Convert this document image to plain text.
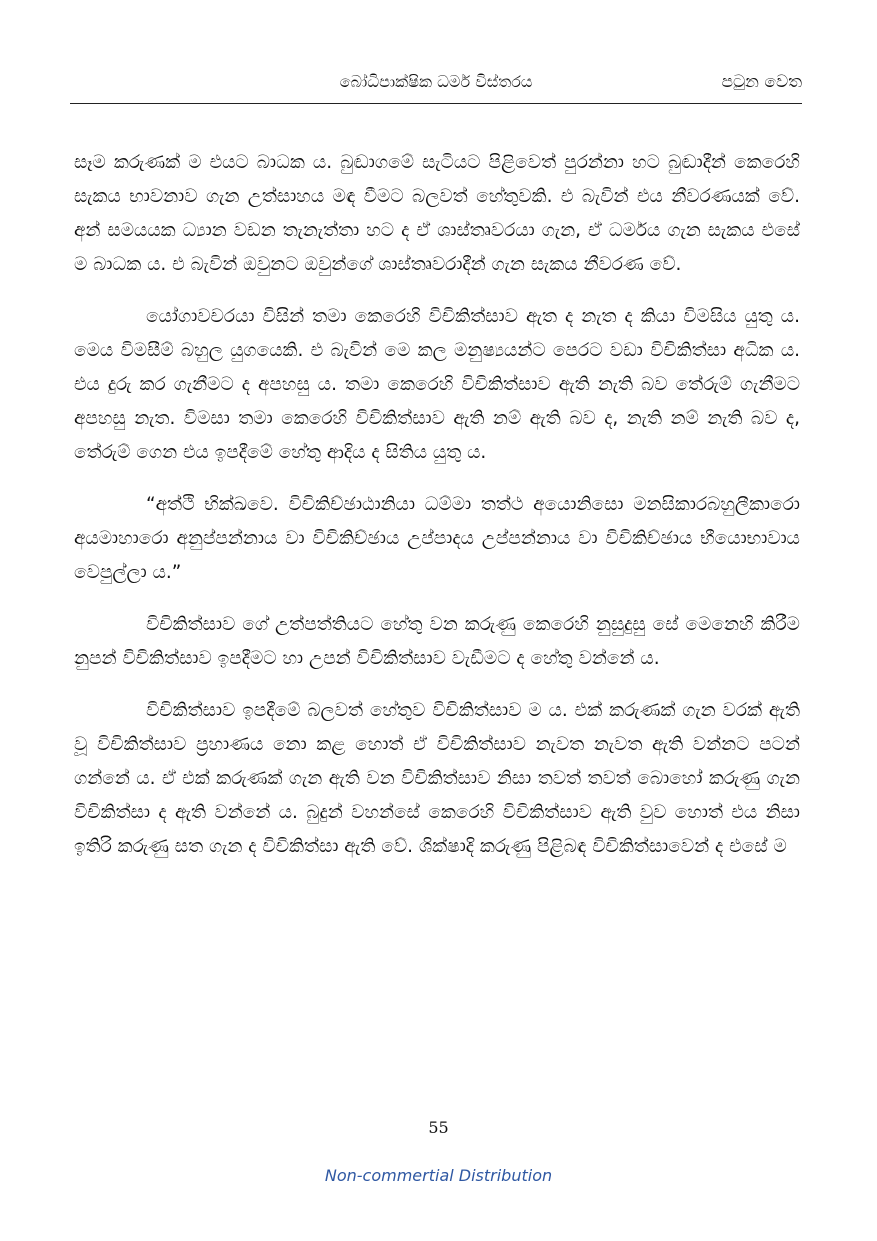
බෝධිපාක්ෂික ධර්ම විස්තරය	පටුන වෙත

සෑම කරුණක් ම එයට බාධක ය. බුඬාගමේ සැටියට පිළිවෙත් පුරන්නා හට බුඬාදීන් කෙරෙහි සැකය භාවනාව ගැන උත්සාහය මඳ වීමට බලවත් හේතුවකි. එ බැවින් එය නීවරණයක් වේ. අන් සමයයක ධ්‍යාන වඩන තැනැත්තා හට ද ඒ ශාස්තෘවරයා ගැන, ඒ ධර්මය ගැන සැකය එසේ ම බාධක ය. එ බැවින් ඔවුනට ඔවුන්ගේ ශාස්තෘවරාදීන් ගැන සැකය නීවරණ වේ.

යෝගාවචරයා විසින් තමා කෙරෙහි විචිකිත්සාව ඇත ද නැත ද කියා විමසිය යුතු ය. මෙය විමසීම් බහුල යුගයෙකි. එ බැවින් මෙ කල මනුෂ්‍යයන්ට පෙරට වඩා විචිකිත්සා අධික ය. එය දුරු කර ගැනීමට ද අපහසු ය. තමා කෙරෙහි විචිකිත්සාව ඇති නැති බව තේරුම් ගැනීමට අපහසු නැත. විමසා තමා කෙරෙහි විචිකිත්සාව ඇති නම් ඇති බව ද, නැති නම් නැති බව ද, තේරුම් ගෙන එය ඉපදීමේ හේතු ආදිය ද සිතිය යුතු ය.

“අත්ථි භික්ඛවෙ. විචිකිච්ඡාඨානියා ධම්මා තත්ථ අයොනිසො මනසිකාරබහුලීකාරො අයමාහාරො අනුප්පන්නාය වා විචිකිච්ඡාය උප්පාදය උප්පන්නාය වා විචිකිච්ඡාය භීයොභාවාය වෙපුල්ලා ය.”

විචිකිත්සාව ගේ උත්පත්තියට හේතු වන කරුණු කෙරෙහි නුසුදුසු සේ මෙනෙහි කිරීම නුපන් විචිකිත්සාව ඉපදීමට හා උපන් විචිකිත්සාව වැඩීමට ද හේතු වන්නේ ය.

විචිකිත්සාව ඉපදීමේ බලවත් හේතුව විචිකිත්සාව ම ය. එක් කරුණක් ගැන වරක් ඇති වූ විචිකිත්සාව ප්‍රහාණය නො කළ හොත් ඒ විචිකිත්සාව නැවත නැවත ඇති වන්නට පටන් ගන්නේ ය. ඒ එක් කරුණක් ගැන ඇති වන විචිකිත්සාව නිසා තවත් තවත් බොහෝ කරුණු ගැන විචිකිත්සා ද ඇති වන්නේ ය. බුදුන් වහන්සේ කෙරෙහි විචිකිත්සාව ඇති වුව හොත් එය නිසා ඉතිරි කරුණු සත ගැන ද විචිකිත්සා ඇති වේ. ශික්ෂාදි කරුණු පිළිබඳ විචිකිත්සාවෙන් ද එසේ ම

55
Non-commertial Distribution
